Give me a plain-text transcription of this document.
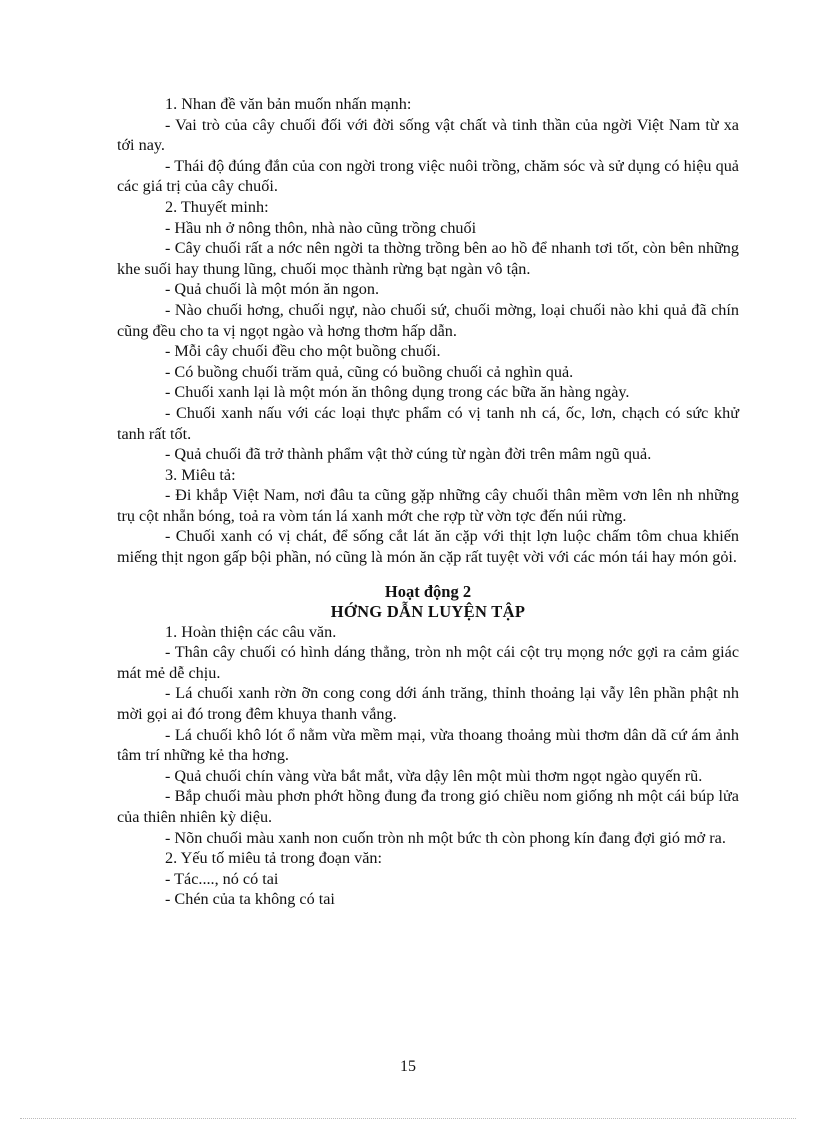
1. Nhan đề văn bản muốn nhấn mạnh:

- Vai trò của cây chuối đối với đời sống vật chất và tinh thần của ngời Việt Nam từ xa tới nay.

- Thái độ đúng đắn của con ngời trong việc nuôi trồng, chăm sóc và sử dụng có hiệu quả các giá trị của cây chuối.

2. Thuyết minh:

- Hầu nh ở nông thôn, nhà nào cũng trồng chuối

- Cây chuối rất a nớc nên ngời ta thờng trồng bên ao hồ để nhanh tơi tốt, còn bên những khe suối hay thung lũng, chuối mọc thành rừng bạt ngàn vô tận.

- Quả chuối là một món ăn ngon.

- Nào chuối hơng, chuối ngự, nào chuối sứ, chuối mờng, loại chuối nào khi quả đã chín cũng đều cho ta vị ngọt ngào và hơng thơm hấp dẫn.

- Mỗi cây chuối đều cho một buồng chuối.

- Có buồng chuối trăm quả, cũng có buồng chuối cả nghìn quả.

- Chuối xanh lại là một món ăn thông dụng trong các bữa ăn hàng ngày.

- Chuối xanh nấu với các loại thực phẩm có vị tanh nh cá, ốc, lơn, chạch có sức khử tanh rất tốt.

- Quả chuối đã trở thành phẩm vật thờ cúng từ ngàn đời trên mâm ngũ quả.

3. Miêu tả:

- Đi khắp Việt Nam, nơi đâu ta cũng gặp những cây chuối thân mềm vơn lên nh những trụ cột nhẵn bóng, toả ra vòm tán lá xanh mớt che rợp từ vờn tợc đến núi rừng.

- Chuối xanh có vị chát, để sống cắt lát ăn cặp với thịt lợn luộc chấm tôm chua khiến miếng thịt ngon gấp bội phần, nó cũng là món ăn cặp rất tuyệt vời với các món tái hay món gỏi.

Hoạt động 2
HỚNG DẪN LUYỆN TẬP

1. Hoàn thiện các câu văn.

- Thân cây chuối có hình dáng thẳng, tròn nh một cái cột trụ mọng nớc gợi ra cảm giác mát mẻ dễ chịu.

- Lá chuối xanh rờn ỡn cong cong dới ánh trăng, thỉnh thoảng lại vẫy lên phần phật nh mời gọi ai đó trong đêm khuya thanh vắng.

- Lá chuối khô lót ổ nằm vừa mềm mại, vừa thoang thoảng mùi thơm dân dã cứ ám ảnh tâm trí những kẻ tha hơng.

- Quả chuối chín vàng vừa bắt mắt, vừa dậy lên một mùi thơm ngọt ngào quyến rũ.

- Bắp chuối màu phơn phớt hồng đung đa trong gió chiều nom giống nh một cái búp lửa của thiên nhiên kỳ diệu.

- Nõn chuối màu xanh non cuốn tròn nh một bức th còn phong kín đang đợi gió mở ra.

2. Yếu tố miêu tả trong đoạn văn:

- Tác...., nó có tai

- Chén của ta không có tai

15
